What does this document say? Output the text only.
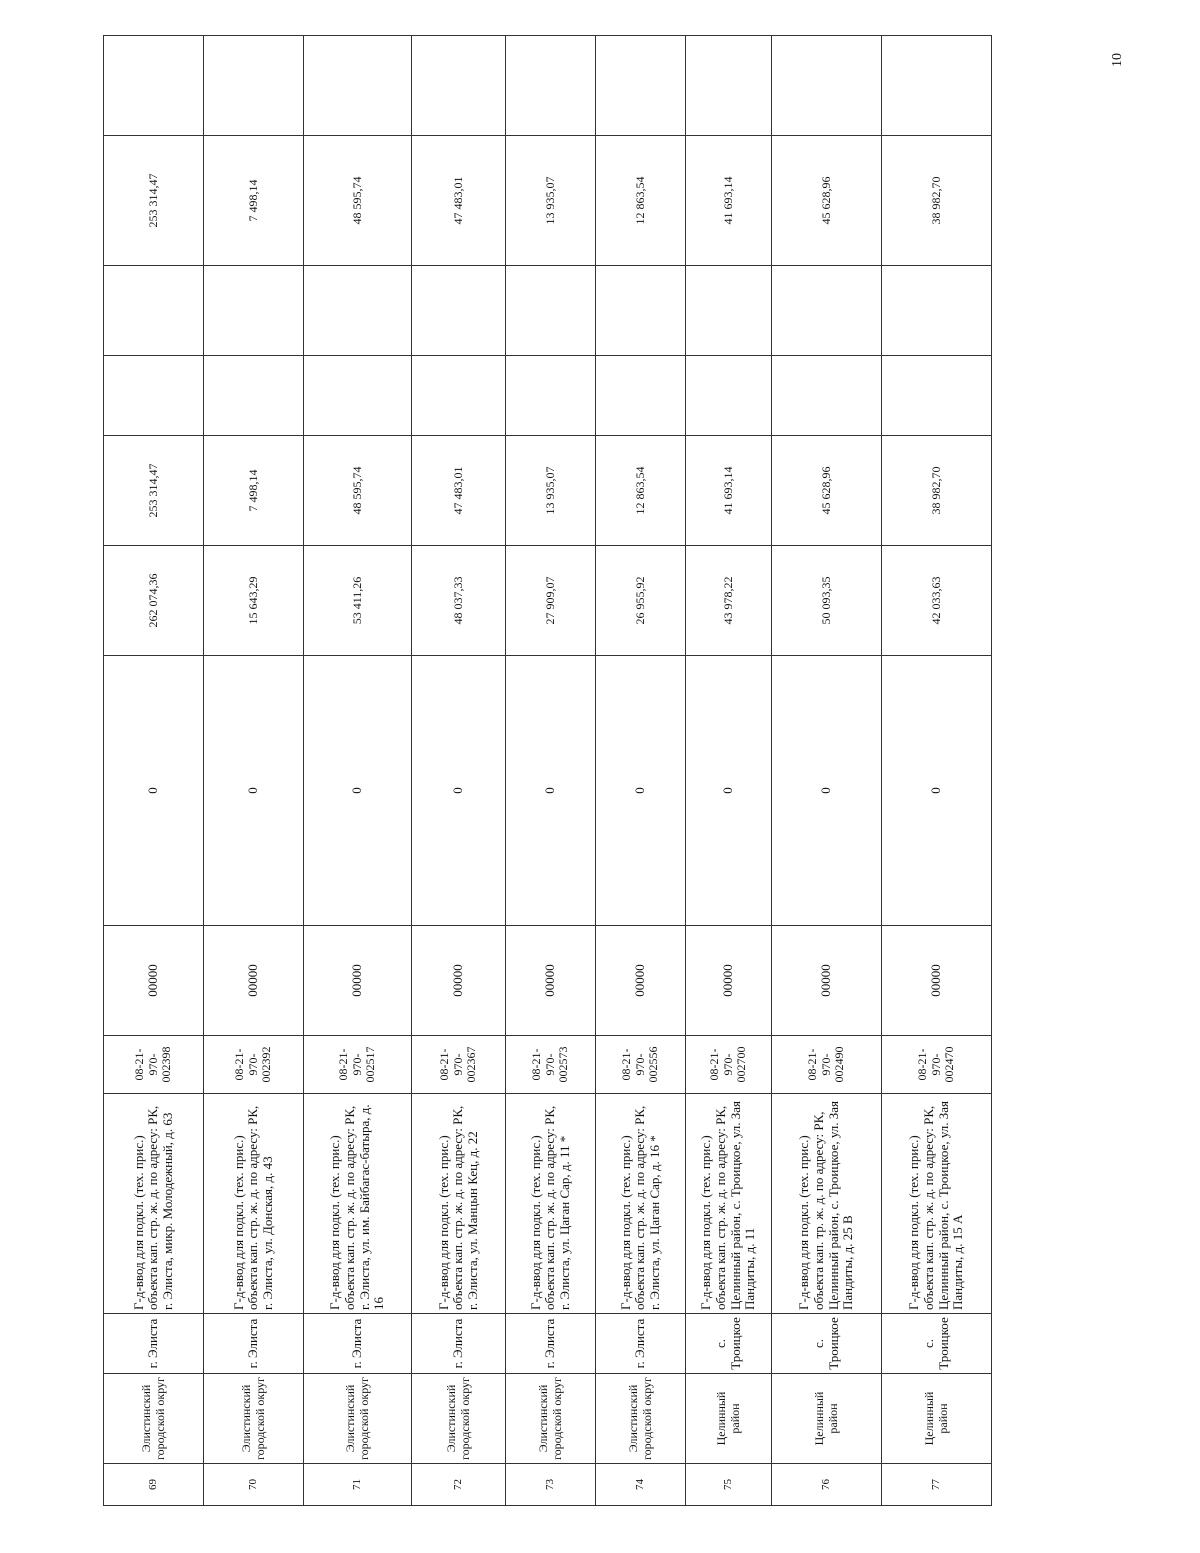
10
69	Элистинский городской округ	г. Элиста	Г-д-ввод для подкл. (тех. прис.) объекта кап. стр. ж. д. по адресу: РК, г. Элиста, микр. Молодежный, д. 63	08-21-970-002398	00000	0	262 074,36	253 314,47			253 314,47	
70	Элистинский городской округ	г. Элиста	Г-д-ввод для подкл. (тех. прис.) объекта кап. стр. ж. д. по адресу: РК, г. Элиста, ул. Донская, д. 43	08-21-970-002392	00000	0	15 643,29	7 498,14			7 498,14	
71	Элистинский городской округ	г. Элиста	Г-д-ввод для подкл. (тех. прис.) объекта кап. стр. ж. д. по адресу: РК, г. Элиста, ул. им. Байбагас-батыра, д. 16	08-21-970-002517	00000	0	53 411,26	48 595,74			48 595,74	
72	Элистинский городской округ	г. Элиста	Г-д-ввод для подкл. (тех. прис.) объекта кап. стр. ж. д. по адресу: РК, г. Элиста, ул. Манцын Кец, д. 22	08-21-970-002367	00000	0	48 037,33	47 483,01			47 483,01	
73	Элистинский городской округ	г. Элиста	Г-д-ввод для подкл. (тех. прис.) объекта кап. стр. ж. д. по адресу: РК, г. Элиста, ул. Цаган Сар, д. 11 *	08-21-970-002573	00000	0	27 909,07	13 935,07			13 935,07	
74	Элистинский городской округ	г. Элиста	Г-д-ввод для подкл. (тех. прис.) объекта кап. стр. ж. д. по адресу: РК, г. Элиста, ул. Цаган Сар, д. 16 *	08-21-970-002556	00000	0	26 955,92	12 863,54			12 863,54	
75	Целинный район	с. Троицкое	Г-д-ввод для подкл. (тех. прис.) объекта кап. стр. ж. д. по адресу: РК, Целинный район, с. Троицкое, ул. Зая Пандиты, д. 11	08-21-970-002700	00000	0	43 978,22	41 693,14			41 693,14	
76	Целинный район	с. Троицкое	Г-д-ввод для подкл. (тех. прис.) объекта кап. тр. ж. д. по адресу: РК, Целинный район, с. Троицкое, ул. Зая Пандиты, д. 25 В	08-21-970-002490	00000	0	50 093,35	45 628,96			45 628,96	
77	Целинный район	с. Троицкое	Г-д-ввод для подкл. (тех. прис.) объекта кап. стр. ж. д. по адресу: РК, Целинный район, с. Троицкое, ул. Зая Пандиты, д. 15 А	08-21-970-002470	00000	0	42 033,63	38 982,70			38 982,70	
